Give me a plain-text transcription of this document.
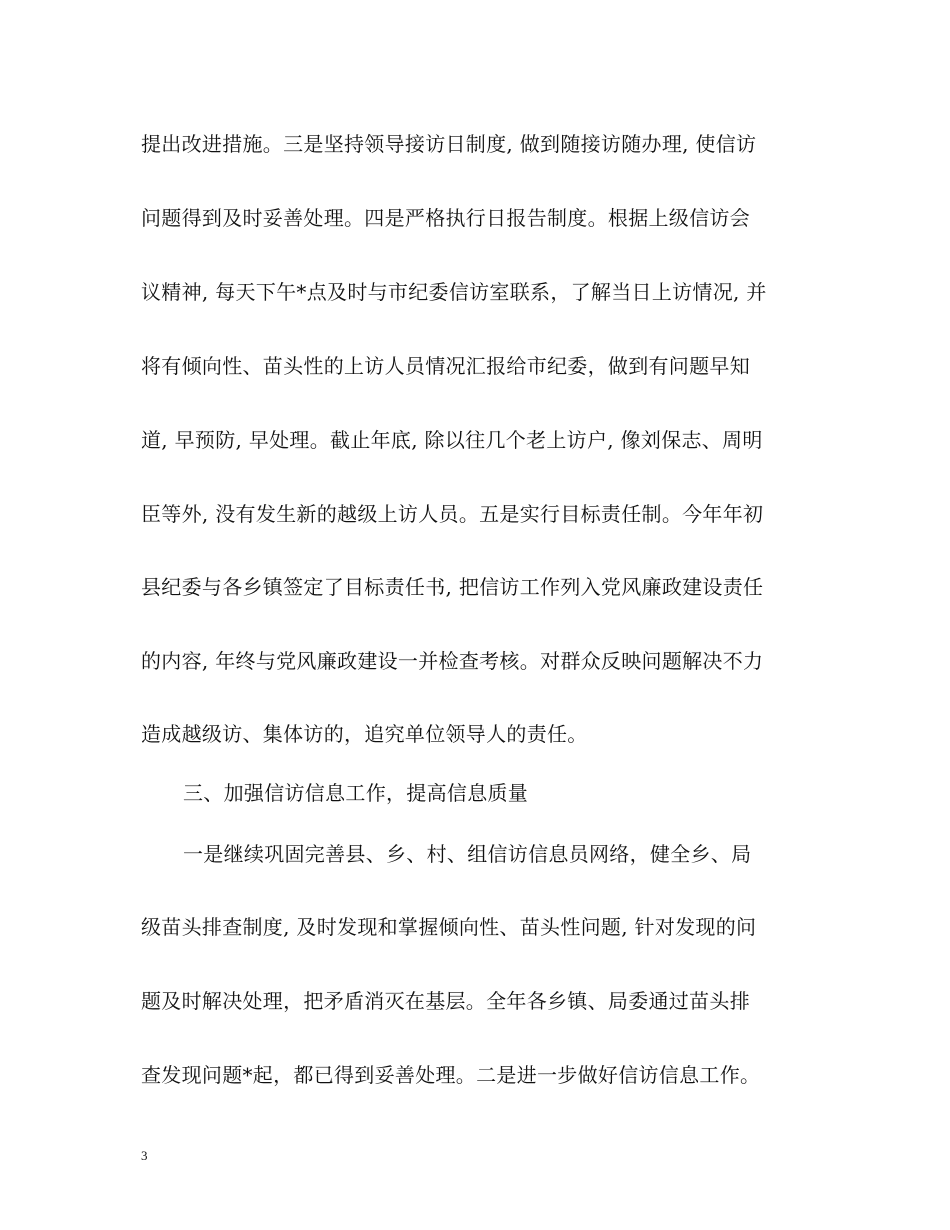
提出改进措施。三是坚持领导接访日制度, 做到随接访随办理, 使信访
问题得到及时妥善处理。四是严格执行日报告制度。根据上级信访会
议精神, 每天下午*点及时与市纪委信访室联系，了解当日上访情况, 并
将有倾向性、苗头性的上访人员情况汇报给市纪委，做到有问题早知
道, 早预防, 早处理。截止年底, 除以往几个老上访户, 像刘保志、周明
臣等外, 没有发生新的越级上访人员。五是实行目标责任制。今年年初
县纪委与各乡镇签定了目标责任书, 把信访工作列入党风廉政建设责任
的内容, 年终与党风廉政建设一并检查考核。对群众反映问题解决不力
造成越级访、集体访的，追究单位领导人的责任。
三、加强信访信息工作，提高信息质量
一是继续巩固完善县、乡、村、组信访信息员网络，健全乡、局
级苗头排查制度, 及时发现和掌握倾向性、苗头性问题, 针对发现的问
题及时解决处理，把矛盾消灭在基层。全年各乡镇、局委通过苗头排
查发现问题*起，都已得到妥善处理。二是进一步做好信访信息工作。
3
